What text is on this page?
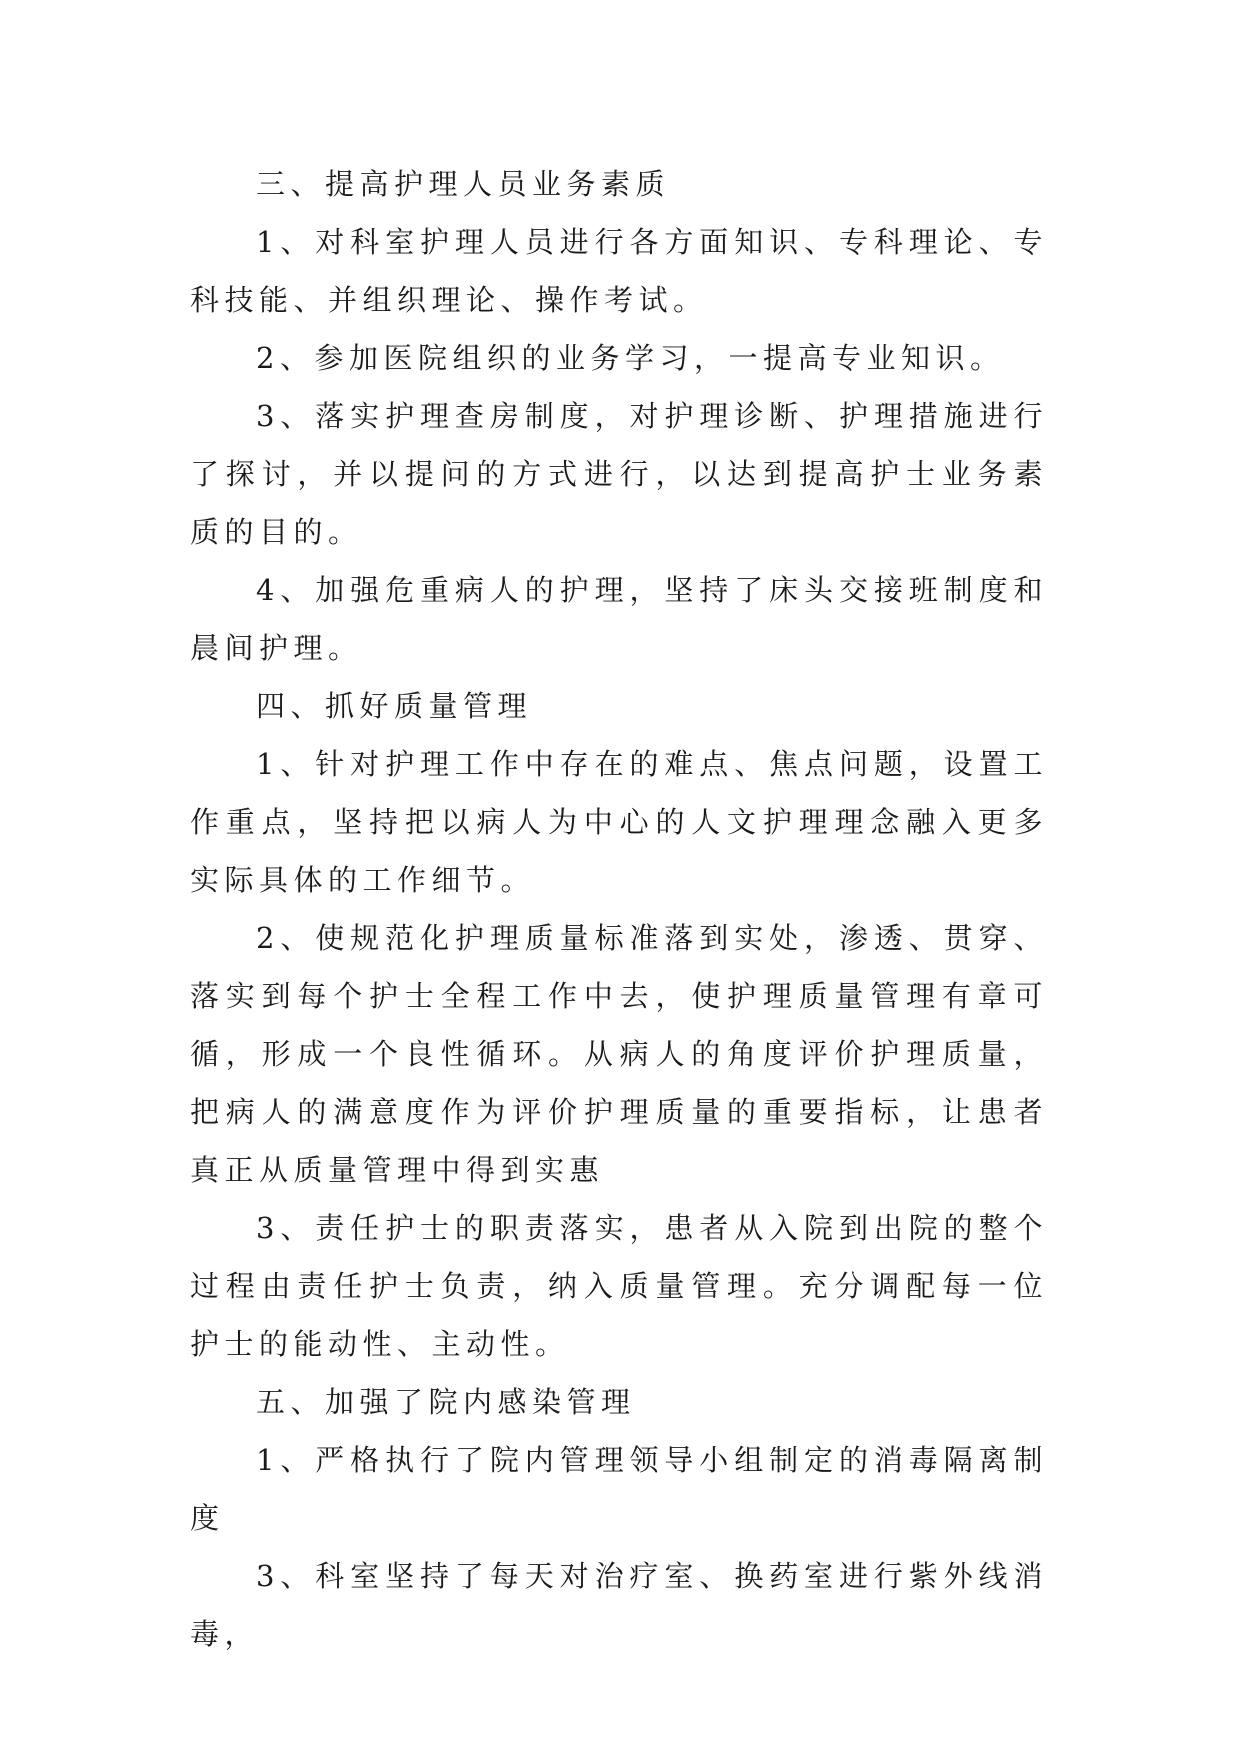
三、提高护理人员业务素质

1、对科室护理人员进行各方面知识、专科理论、专科技能、并组织理论、操作考试。

2、参加医院组织的业务学习，一提高专业知识。

3、落实护理查房制度，对护理诊断、护理措施进行了探讨，并以提问的方式进行，以达到提高护士业务素质的目的。

4、加强危重病人的护理，坚持了床头交接班制度和晨间护理。

四、抓好质量管理

1、针对护理工作中存在的难点、焦点问题，设置工作重点，坚持把以病人为中心的人文护理理念融入更多实际具体的工作细节。

2、使规范化护理质量标准落到实处，渗透、贯穿、落实到每个护士全程工作中去，使护理质量管理有章可循，形成一个良性循环。从病人的角度评价护理质量，把病人的满意度作为评价护理质量的重要指标，让患者真正从质量管理中得到实惠

3、责任护士的职责落实，患者从入院到出院的整个过程由责任护士负责，纳入质量管理。充分调配每一位护士的能动性、主动性。

五、加强了院内感染管理

1、严格执行了院内管理领导小组制定的消毒隔离制度

3、科室坚持了每天对治疗室、换药室进行紫外线消毒，
